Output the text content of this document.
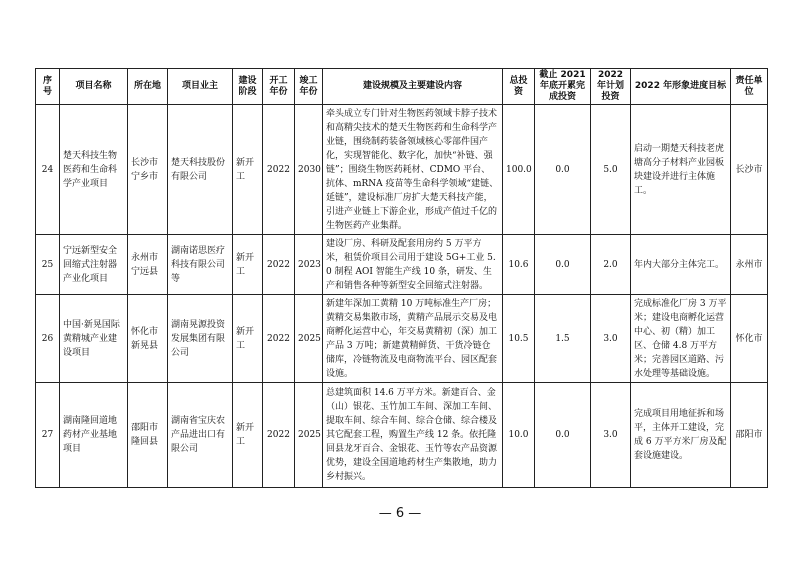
序号	项目名称	所在地	项目业主	建设阶段	开工年份	竣工年份	建设规模及主要建设内容	总投资	截止 2021 年底开累完成投资	2022 年计划投资	2022 年形象进度目标	责任单位
24	楚天科技生物医药和生命科学产业项目	长沙市宁乡市	楚天科技股份有限公司	新开工	2022	2030	牵头成立专门针对生物医药领域卡脖子技术和高精尖技术的楚天生物医药和生命科学产业链，围绕制药装备领域核心零部件国产化，实现智能化、数字化，加快“补链、强链”；围绕生物医药耗材、CDMO 平台、抗体、mRNA 疫苗等生命科学领域“建链、延链”，建设标准厂房扩大楚天科技产能，引进产业链上下游企业，形成产值过千亿的生物医药产业集群。	100.0	0.0	5.0	启动一期楚天科技老虎塘高分子材料产业园板块建设并进行主体施工。	长沙市
25	宁远新型安全回缩式注射器产业化项目	永州市宁远县	湖南诺思医疗科技有限公司等	新开工	2022	2023	建设厂房、科研及配套用房约 5 万平方米，租赁价项目公司用于建设 5G+工业 5.0 制程 AOI 智能生产线 10 条，研发、生产和销售各种等新型安全回缩式注射器。	10.6	0.0	2.0	年内大部分主体完工。	永州市
26	中国·新晃国际黄精城产业建设项目	怀化市新晃县	湖南晃源投资发展集团有限公司	新开工	2022	2025	新建年深加工黄精 10 万吨标准生产厂房；黄精交易集散市场，黄精产品展示交易及电商孵化运营中心，年交易黄精初（深）加工产品 3 万吨；新建黄精鲜货、干货冷链仓储库，冷链物流及电商物流平台、园区配套设施。	10.5	1.5	3.0	完成标准化厂房 3 万平米；建设电商孵化运营中心、初（精）加工区、仓储 4.8 万平方米；完善园区道路、污水处理等基础设施。	怀化市
27	湖南隆回道地药材产业基地项目	邵阳市隆回县	湖南省宝庆农产品进出口有限公司	新开工	2022	2025	总建筑面积 14.6 万平方米。新建百合、金（山）银花、玉竹加工车间、深加工车间、提取车间、综合车间、综合仓储、综合楼及其它配套工程，购置生产线 12 条。依托隆回县龙牙百合、金银花、玉竹等农产品资源优势，建设全国道地药材生产集散地，助力乡村振兴。	10.0	0.0	3.0	完成项目用地征拆和场平，主体开工建设，完成 6 万平方米厂房及配套设施建设。	邵阳市
— 6 —
